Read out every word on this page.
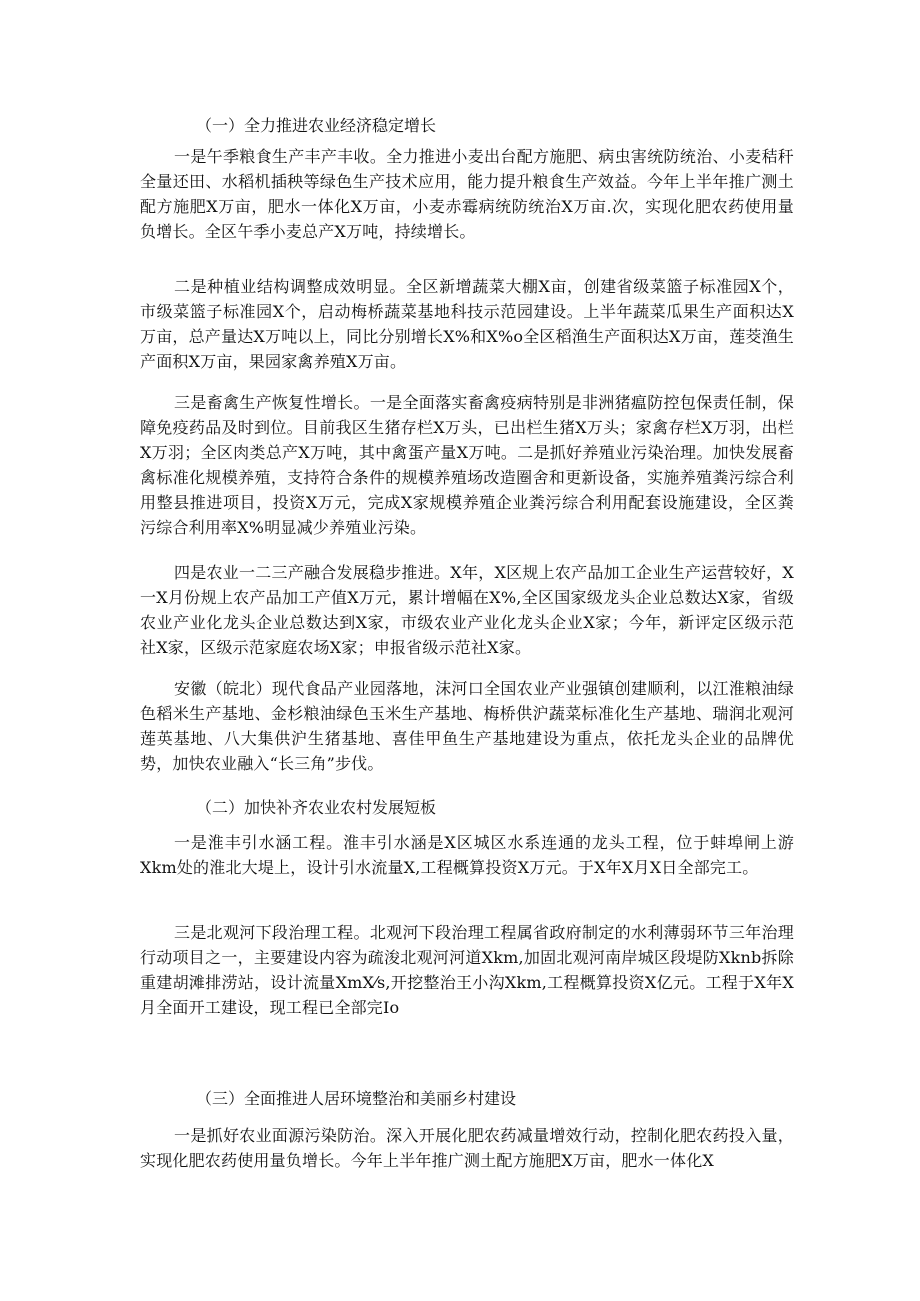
（一）全力推进农业经济稳定增长

一是午季粮食生产丰产丰收。全力推进小麦出台配方施肥、病虫害统防统治、小麦秸秆全量还田、水稻机插秧等绿色生产技术应用，能力提升粮食生产效益。今年上半年推广测土配方施肥X万亩，肥水一体化X万亩，小麦赤霉病统防统治X万亩.次，实现化肥农药使用量负增长。全区午季小麦总产X万吨，持续增长。

二是种植业结构调整成效明显。全区新增蔬菜大棚X亩，创建省级菜篮子标准园X个，市级菜篮子标准园X个，启动梅桥蔬菜基地科技示范园建设。上半年蔬菜瓜果生产面积达X万亩，总产量达X万吨以上，同比分别增长X%和X%o全区稻渔生产面积达X万亩，莲茭渔生产面积X万亩，果园家禽养殖X万亩。

三是畜禽生产恢复性增长。一是全面落实畜禽疫病特别是非洲猪瘟防控包保责任制，保障免疫药品及时到位。目前我区生猪存栏X万头，已出栏生猪X万头；家禽存栏X万羽，出栏X万羽；全区肉类总产X万吨，其中禽蛋产量X万吨。二是抓好养殖业污染治理。加快发展畜禽标准化规模养殖，支持符合条件的规模养殖场改造圈舍和更新设备，实施养殖粪污综合利用整县推进项目，投资X万元，完成X家规模养殖企业粪污综合利用配套设施建设，全区粪污综合利用率X%明显减少养殖业污染。

四是农业一二三产融合发展稳步推进。X年，X区规上农产品加工企业生产运营较好，X一X月份规上农产品加工产值X万元，累计增幅在X%,全区国家级龙头企业总数达X家，省级农业产业化龙头企业总数达到X家，市级农业产业化龙头企业X家；今年，新评定区级示范社X家，区级示范家庭农场X家；申报省级示范社X家。

安徽（皖北）现代食品产业园落地，沫河口全国农业产业强镇创建顺利，以江淮粮油绿色稻米生产基地、金杉粮油绿色玉米生产基地、梅桥供沪蔬菜标准化生产基地、瑞润北观河莲英基地、八大集供沪生猪基地、喜佳甲鱼生产基地建设为重点，依托龙头企业的品牌优势，加快农业融入“长三角”步伐。

（二）加快补齐农业农村发展短板

一是淮丰引水涵工程。淮丰引水涵是X区城区水系连通的龙头工程，位于蚌埠闸上游Xkm处的淮北大堤上，设计引水流量X,工程概算投资X万元。于X年X月X日全部完工。

三是北观河下段治理工程。北观河下段治理工程属省政府制定的水利薄弱环节三年治理行动项目之一，主要建设内容为疏浚北观河河道Xkm,加固北观河南岸城区段堤防Xknb拆除重建胡滩排涝站，设计流量XmX⁄s,开挖整治王小沟Xkm,工程概算投资X亿元。工程于X年X月全面开工建设，现工程已全部完Io

（三）全面推进人居环境整治和美丽乡村建设

一是抓好农业面源污染防治。深入开展化肥农药减量增效行动，控制化肥农药投入量，实现化肥农药使用量负增长。今年上半年推广测土配方施肥X万亩，肥水一体化X
